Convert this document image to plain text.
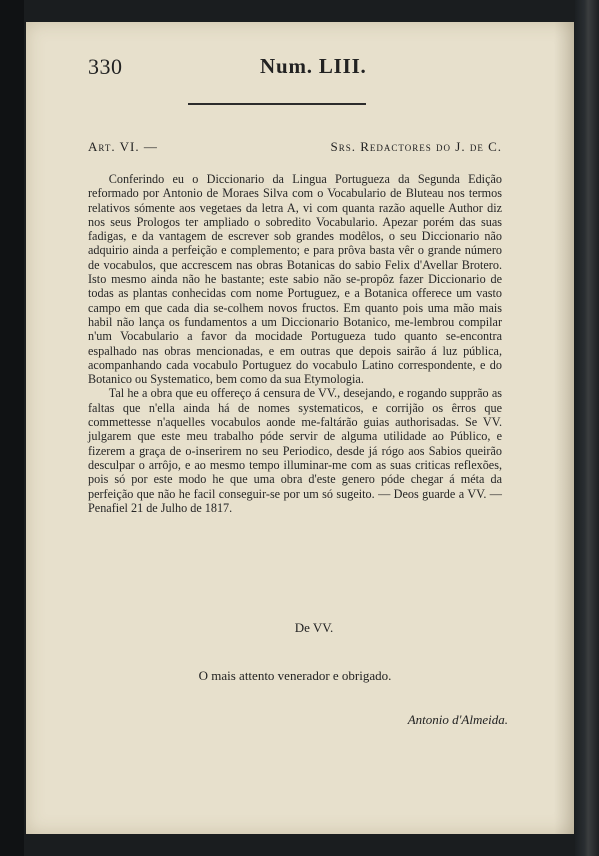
330	Num. LIII.
Art. VI. —	Srs. Redactores do J. de C.

Conferindo eu o Diccionario da Lingua Portugueza da Segunda Edição reformado por Antonio de Moraes Silva com o Vocabulario de Bluteau nos termos relativos sómente aos vegetaes da letra A, vi com quanta razão aquelle Author diz nos seus Prologos ter ampliado o sobredito Vocabulario. Apezar porém das suas fadigas, e da vantagem de escrever sob grandes modêlos, o seu Diccionario não adquirio ainda a perfeição e complemento; e para prôva basta vêr o grande número de vocabulos, que accrescem nas obras Botanicas do sabio Felix d'Avellar Brotero. Isto mesmo ainda não he bastante; este sabio não se-propôz fazer Diccionario de todas as plantas conhecidas com nome Portuguez, e a Botanica offerece um vasto campo em que cada dia se-colhem novos fructos. Em quanto pois uma mão mais habil não lança os fundamentos a um Diccionario Botanico, me-lembrou compilar n'um Vocabulario a favor da mocidade Portugueza tudo quanto se-encontra espalhado nas obras mencionadas, e em outras que depois sairão á luz pública, acompanhando cada vocabulo Portuguez do vocabulo Latino correspondente, e do Botanico ou Systematico, bem como da sua Etymologia.

Tal he a obra que eu offereço á censura de VV., desejando, e rogando supprão as faltas que n'ella ainda há de nomes systematicos, e corrijão os êrros que commettesse n'aquelles vocabulos aonde me-faltárão guias authorisadas. Se VV. julgarem que este meu trabalho póde servir de alguma utilidade ao Público, e fizerem a graça de o-inserirem no seu Periodico, desde já rógo aos Sabios queirão desculpar o arrôjo, e ao mesmo tempo illuminar-me com as suas criticas reflexões, pois só por este modo he que uma obra d'este genero póde chegar á méta da perfeição que não he facil conseguir-se por um só sugeito. — Deos guarde a VV. — Penafiel 21 de Julho de 1817.

De VV.
O mais attento venerador e obrigado.
Antonio d'Almeida.
